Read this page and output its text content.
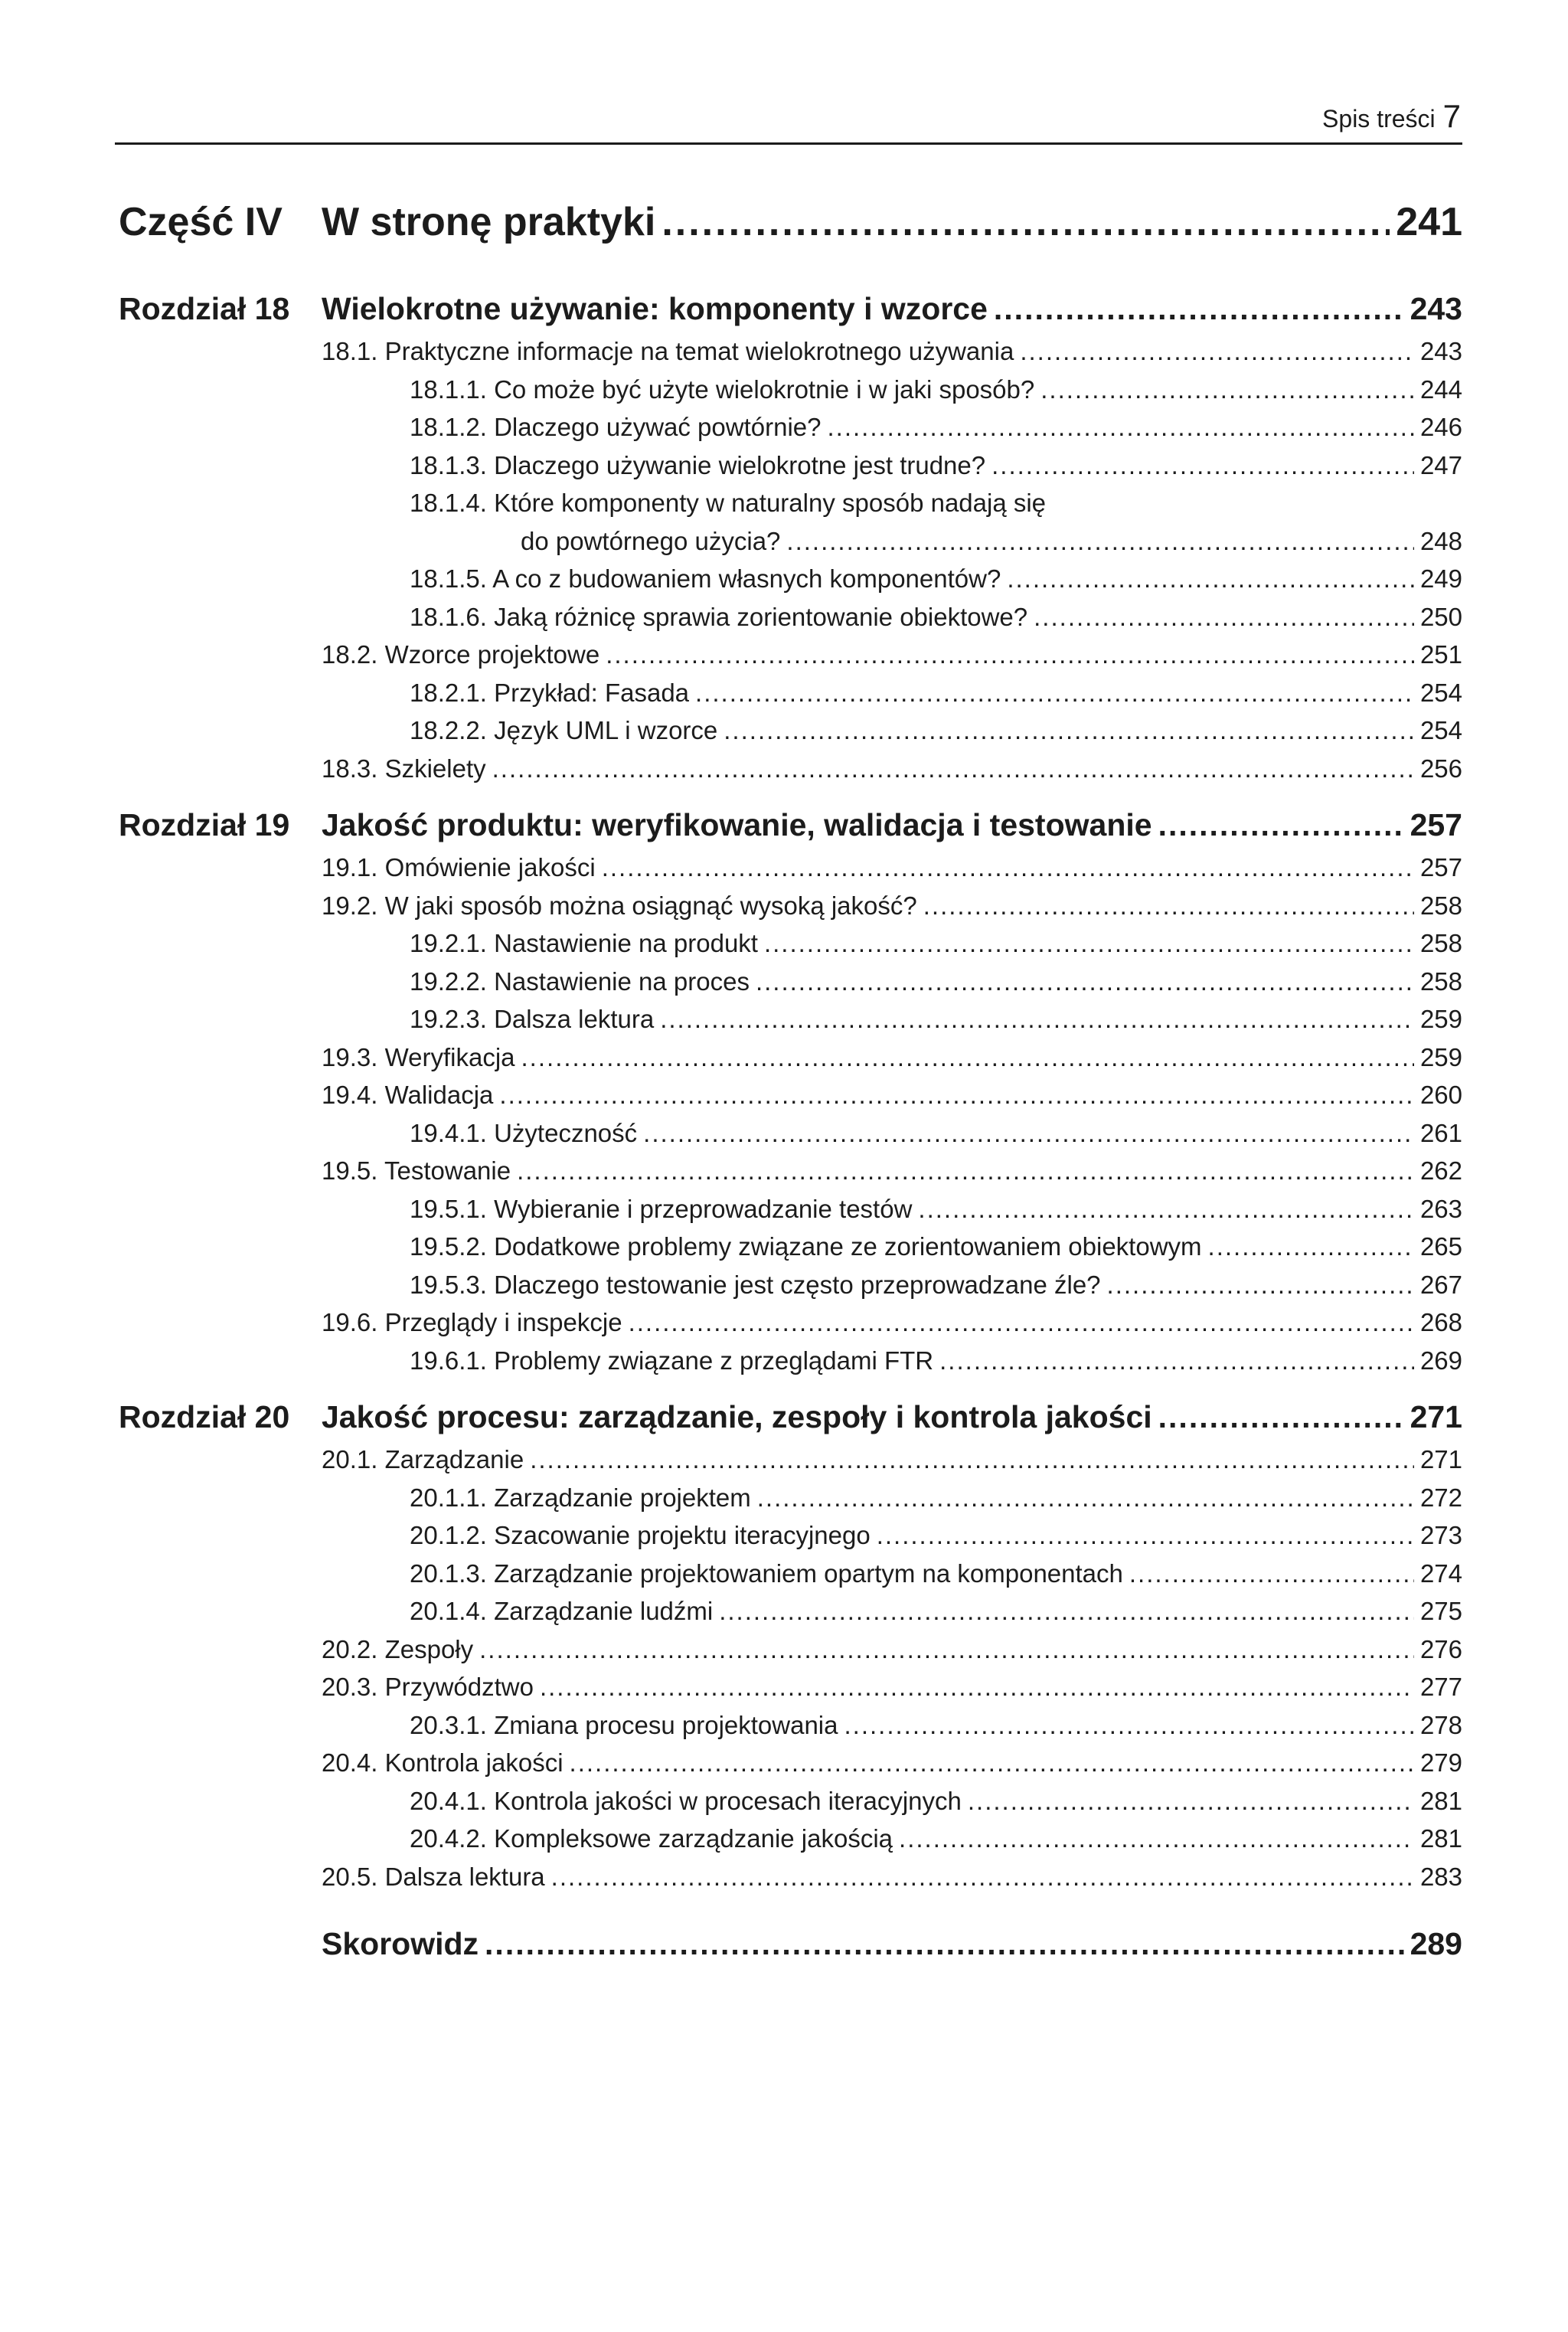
Spis treści 7
Część IV W stronę praktyki .....	241
Rozdział 18	Wielokrotne używanie: komponenty i wzorce .....	243
18.1. Praktyczne informacje na temat wielokrotnego używania .....	243
18.1.1. Co może być użyte wielokrotnie i w jaki sposób? .....	244
18.1.2. Dlaczego używać powtórnie? .....	246
18.1.3. Dlaczego używanie wielokrotne jest trudne? .....	247
18.1.4. Które komponenty w naturalny sposób nadają się
do powtórnego użycia? .....	248
18.1.5. A co z budowaniem własnych komponentów? .....	249
18.1.6. Jaką różnicę sprawia zorientowanie obiektowe? .....	250
18.2. Wzorce projektowe .....	251
18.2.1. Przykład: Fasada .....	254
18.2.2. Język UML i wzorce .....	254
18.3. Szkielety .....	256
Rozdział 19	Jakość produktu: weryfikowanie, walidacja i testowanie .....	257
19.1. Omówienie jakości .....	257
19.2. W jaki sposób można osiągnąć wysoką jakość? .....	258
19.2.1. Nastawienie na produkt .....	258
19.2.2. Nastawienie na proces .....	258
19.2.3. Dalsza lektura .....	259
19.3. Weryfikacja .....	259
19.4. Walidacja .....	260
19.4.1. Użyteczność .....	261
19.5. Testowanie .....	262
19.5.1. Wybieranie i przeprowadzanie testów .....	263
19.5.2. Dodatkowe problemy związane ze zorientowaniem obiektowym .....	265
19.5.3. Dlaczego testowanie jest często przeprowadzane źle? .....	267
19.6. Przeglądy i inspekcje .....	268
19.6.1. Problemy związane z przeglądami FTR .....	269
Rozdział 20	Jakość procesu: zarządzanie, zespoły i kontrola jakości .....	271
20.1. Zarządzanie .....	271
20.1.1. Zarządzanie projektem .....	272
20.1.2. Szacowanie projektu iteracyjnego .....	273
20.1.3. Zarządzanie projektowaniem opartym na komponentach .....	274
20.1.4. Zarządzanie ludźmi .....	275
20.2. Zespoły .....	276
20.3. Przywództwo .....	277
20.3.1. Zmiana procesu projektowania .....	278
20.4. Kontrola jakości .....	279
20.4.1. Kontrola jakości w procesach iteracyjnych .....	281
20.4.2. Kompleksowe zarządzanie jakością .....	281
20.5. Dalsza lektura .....	283
Skorowidz .....	289
